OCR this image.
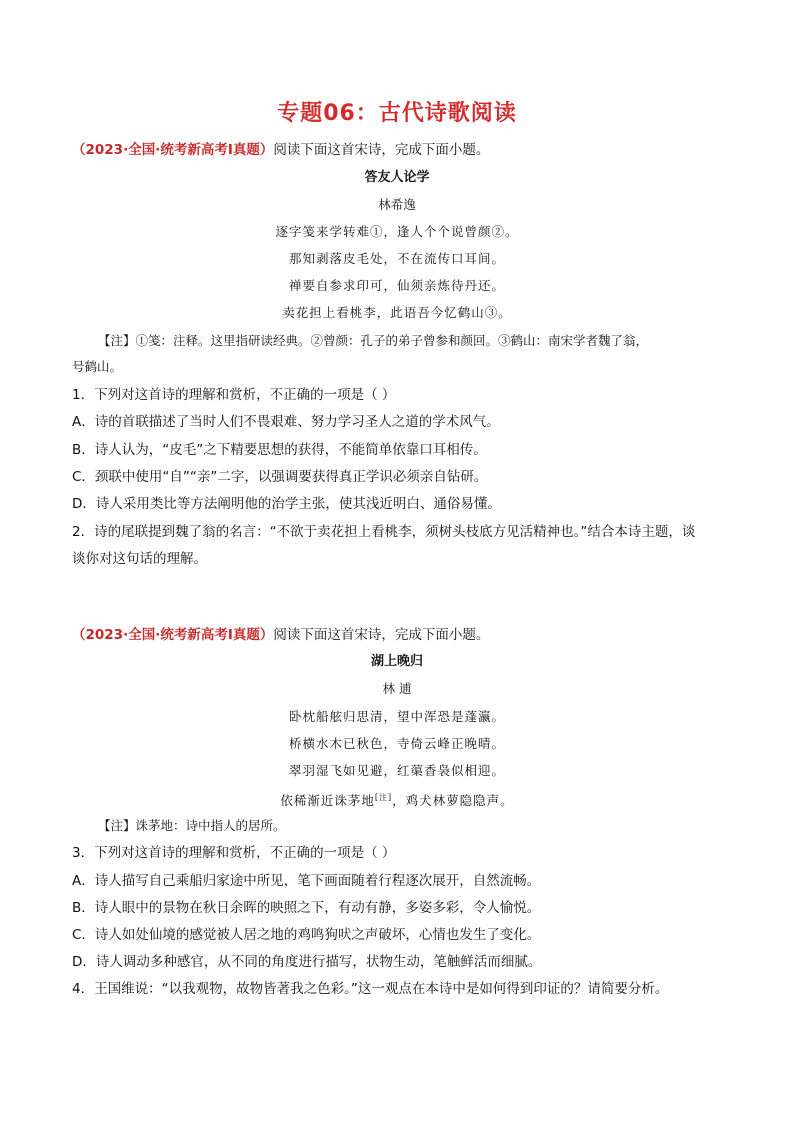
专题06：古代诗歌阅读
（2023·全国·统考新高考Ⅰ真题）阅读下面这首宋诗，完成下面小题。
答友人论学
林希逸
逐字笺来学转难①，逢人个个说曾颜②。
那知剥落皮毛处，不在流传口耳间。
禅要自参求印可，仙须亲炼待丹还。
卖花担上看桃李，此语吾今忆鹤山③。
【注】①笺：注释。这里指研读经典。②曾颜：孔子的弟子曾参和颜回。③鹤山：南宋学者魏了翁，
号鹤山。
1．下列对这首诗的理解和赏析，不正确的一项是（ ）
A．诗的首联描述了当时人们不畏艰难、努力学习圣人之道的学术风气。
B．诗人认为，“皮毛”之下精要思想的获得，不能简单依靠口耳相传。
C．颈联中使用“自”“亲”二字，以强调要获得真正学识必须亲自钻研。
D．诗人采用类比等方法阐明他的治学主张，使其浅近明白、通俗易懂。
2．诗的尾联提到魏了翁的名言：“不欲于卖花担上看桃李，须树头枝底方见活精神也。”结合本诗主题，谈
谈你对这句话的理解。
（2023·全国·统考新高考Ⅰ真题）阅读下面这首宋诗，完成下面小题。
湖上晚归
林 逋
卧枕船舷归思清，望中浑恐是蓬瀛。
桥横水木已秋色，寺倚云峰正晚晴。
翠羽湿飞如见避，红蕖香袅似相迎。
依稀渐近诛茅地[注]，鸡犬林萝隐隐声。
【注】诛茅地：诗中指人的居所。
3．下列对这首诗的理解和赏析，不正确的一项是（ ）
A．诗人描写自己乘船归家途中所见，笔下画面随着行程逐次展开，自然流畅。
B．诗人眼中的景物在秋日余晖的映照之下，有动有静，多姿多彩，令人愉悦。
C．诗人如处仙境的感觉被人居之地的鸡鸣狗吠之声破坏，心情也发生了变化。
D．诗人调动多种感官，从不同的角度进行描写，状物生动，笔触鲜活而细腻。
4．王国维说：“以我观物，故物皆著我之色彩。”这一观点在本诗中是如何得到印证的？请简要分析。
